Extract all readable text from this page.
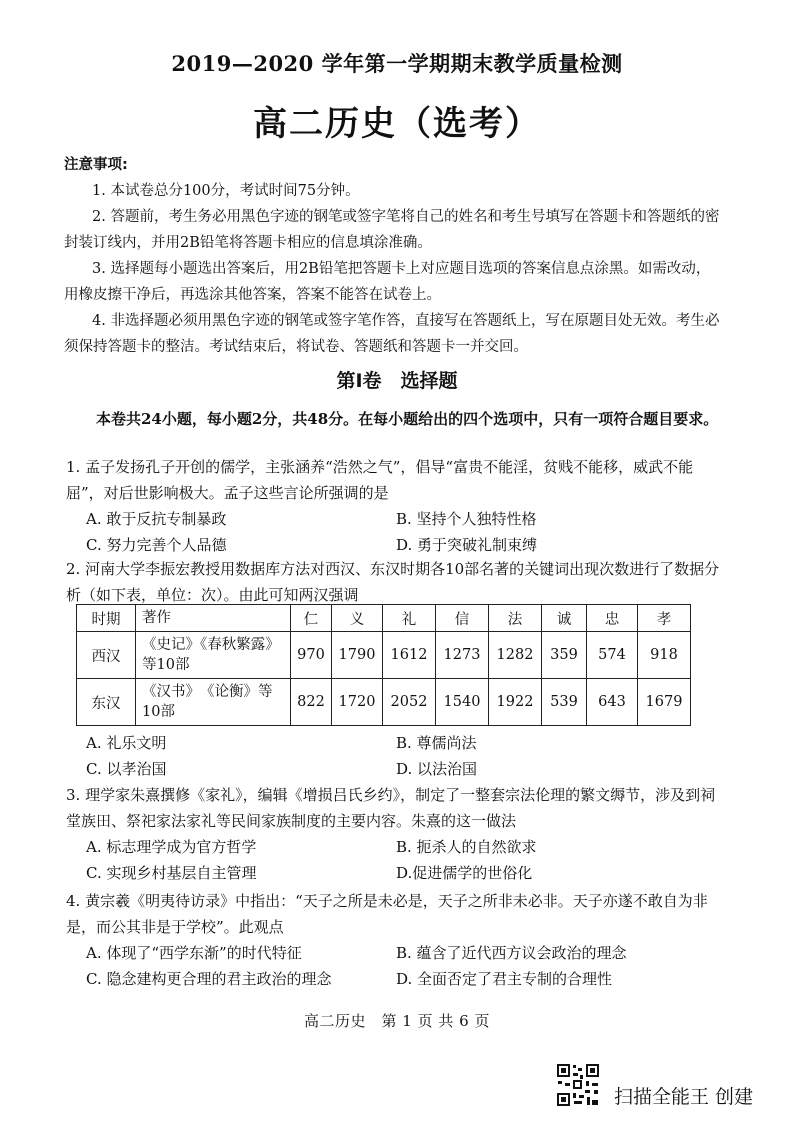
2019—2020 学年第一学期期末教学质量检测
高二历史（选考）
注意事项:
1. 本试卷总分100分，考试时间75分钟。
2. 答题前，考生务必用黑色字迹的钢笔或签字笔将自己的姓名和考生号填写在答题卡和答题纸的密封装订线内，并用2B铅笔将答题卡相应的信息填涂准确。
3. 选择题每小题选出答案后，用2B铅笔把答题卡上对应题目选项的答案信息点涂黑。如需改动，用橡皮擦干净后，再选涂其他答案，答案不能答在试卷上。
4. 非选择题必须用黑色字迹的钢笔或签字笔作答，直接写在答题纸上，写在原题目处无效。考生必须保持答题卡的整洁。考试结束后，将试卷、答题纸和答题卡一并交回。
第Ⅰ卷　选择题
本卷共24小题，每小题2分，共48分。在每小题给出的四个选项中，只有一项符合题目要求。
1. 孟子发扬孔子开创的儒学，主张涵养“浩然之气”，倡导“富贵不能淫，贫贱不能移，威武不能屈”，对后世影响极大。孟子这些言论所强调的是
A. 敢于反抗专制暴政	B. 坚持个人独特性格
C. 努力完善个人品德	D. 勇于突破礼制束缚
2. 河南大学李振宏教授用数据库方法对西汉、东汉时期各10部名著的关键词出现次数进行了数据分析（如下表，单位：次）。由此可知两汉强调
时期	著作	仁	义	礼	信	法	诚	忠	孝
西汉	《史记》《春秋繁露》等10部	970	1790	1612	1273	1282	359	574	918
东汉	《汉书》　《论衡》等10部	822	1720	2052	1540	1922	539	643	1679
A. 礼乐文明	B. 尊儒尚法
C. 以孝治国	D. 以法治国
3. 理学家朱熹撰修《家礼》，编辑《增损吕氏乡约》，制定了一整套宗法伦理的繁文缛节，涉及到祠堂族田、祭祀家法家礼等民间家族制度的主要内容。朱熹的这一做法
A. 标志理学成为官方哲学	B. 扼杀人的自然欲求
C. 实现乡村基层自主管理	D.促进儒学的世俗化
4. 黄宗羲《明夷待访录》中指出：“天子之所是未必是，天子之所非未必非。天子亦遂不敢自为非是，而公其非是于学校”。此观点
A. 体现了“西学东渐”的时代特征	B. 蕴含了近代西方议会政治的理念
C. 隐念建构更合理的君主政治的理念	D. 全面否定了君主专制的合理性
高二历史　第 1 页 共 6 页
扫描全能王 创建
